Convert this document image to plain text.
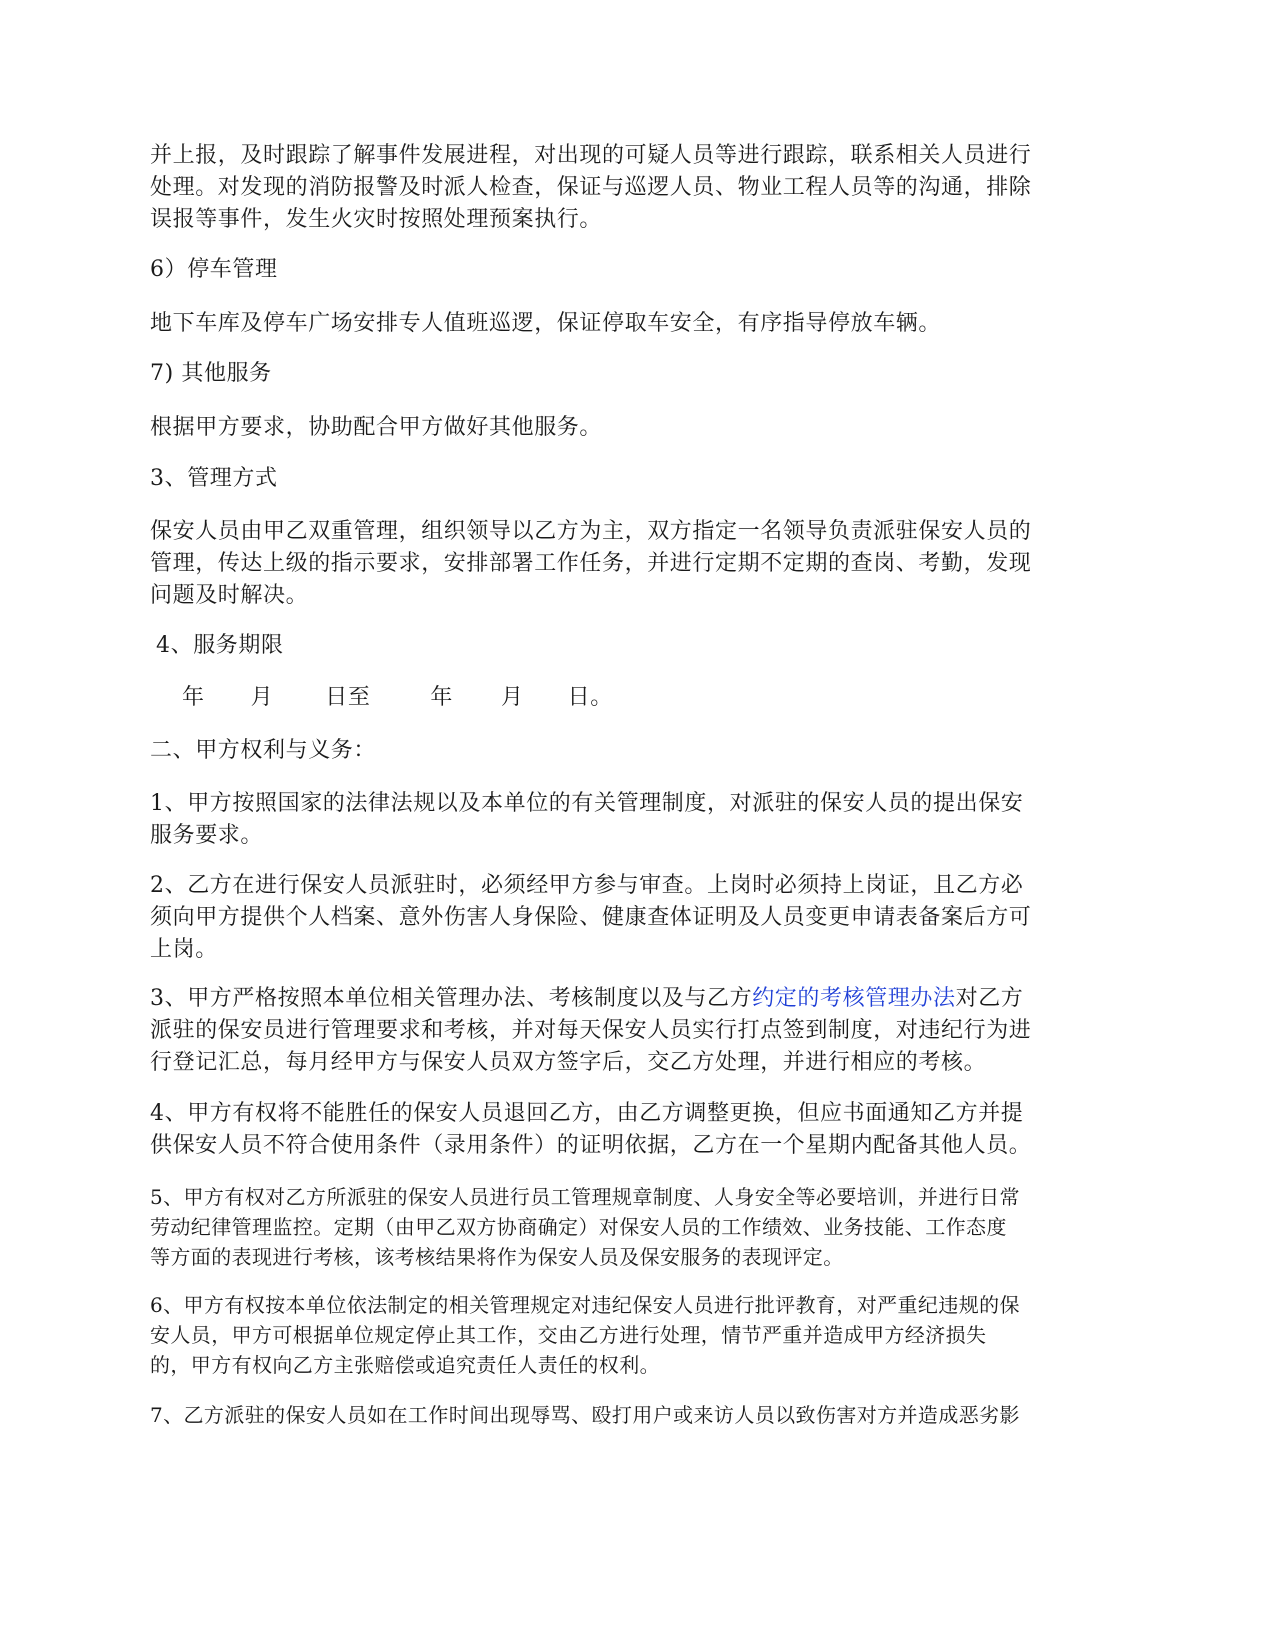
并上报，及时跟踪了解事件发展进程，对出现的可疑人员等进行跟踪，联系相关人员进行
处理。对发现的消防报警及时派人检查，保证与巡逻人员、物业工程人员等的沟通，排除
误报等事件，发生火灾时按照处理预案执行。
6）停车管理
地下车库及停车广场安排专人值班巡逻，保证停取车安全，有序指导停放车辆。
7) 其他服务
根据甲方要求，协助配合甲方做好其他服务。
3、管理方式
保安人员由甲乙双重管理，组织领导以乙方为主，双方指定一名领导负责派驻保安人员的
管理，传达上级的指示要求，安排部署工作任务，并进行定期不定期的查岗、考勤，发现
问题及时解决。
4、服务期限
年 月 日至	年 月 日。
二、甲方权利与义务：
1、甲方按照国家的法律法规以及本单位的有关管理制度，对派驻的保安人员的提出保安
服务要求。
2、乙方在进行保安人员派驻时，必须经甲方参与审查。上岗时必须持上岗证，且乙方必
须向甲方提供个人档案、意外伤害人身保险、健康查体证明及人员变更申请表备案后方可
上岗。
3、甲方严格按照本单位相关管理办法、考核制度以及与乙方约定的考核管理办法对乙方
派驻的保安员进行管理要求和考核，并对每天保安人员实行打点签到制度，对违纪行为进
行登记汇总，每月经甲方与保安人员双方签字后，交乙方处理，并进行相应的考核。
4、甲方有权将不能胜任的保安人员退回乙方，由乙方调整更换，但应书面通知乙方并提
供保安人员不符合使用条件（录用条件）的证明依据，乙方在一个星期内配备其他人员。
5、甲方有权对乙方所派驻的保安人员进行员工管理规章制度、人身安全等必要培训，并进行日常
劳动纪律管理监控。定期（由甲乙双方协商确定）对保安人员的工作绩效、业务技能、工作态度
等方面的表现进行考核，该考核结果将作为保安人员及保安服务的表现评定。
6、甲方有权按本单位依法制定的相关管理规定对违纪保安人员进行批评教育，对严重纪违规的保
安人员，甲方可根据单位规定停止其工作，交由乙方进行处理，情节严重并造成甲方经济损失
的，甲方有权向乙方主张赔偿或追究责任人责任的权利。
7、乙方派驻的保安人员如在工作时间出现辱骂、殴打用户或来访人员以致伤害对方并造成恶劣影
